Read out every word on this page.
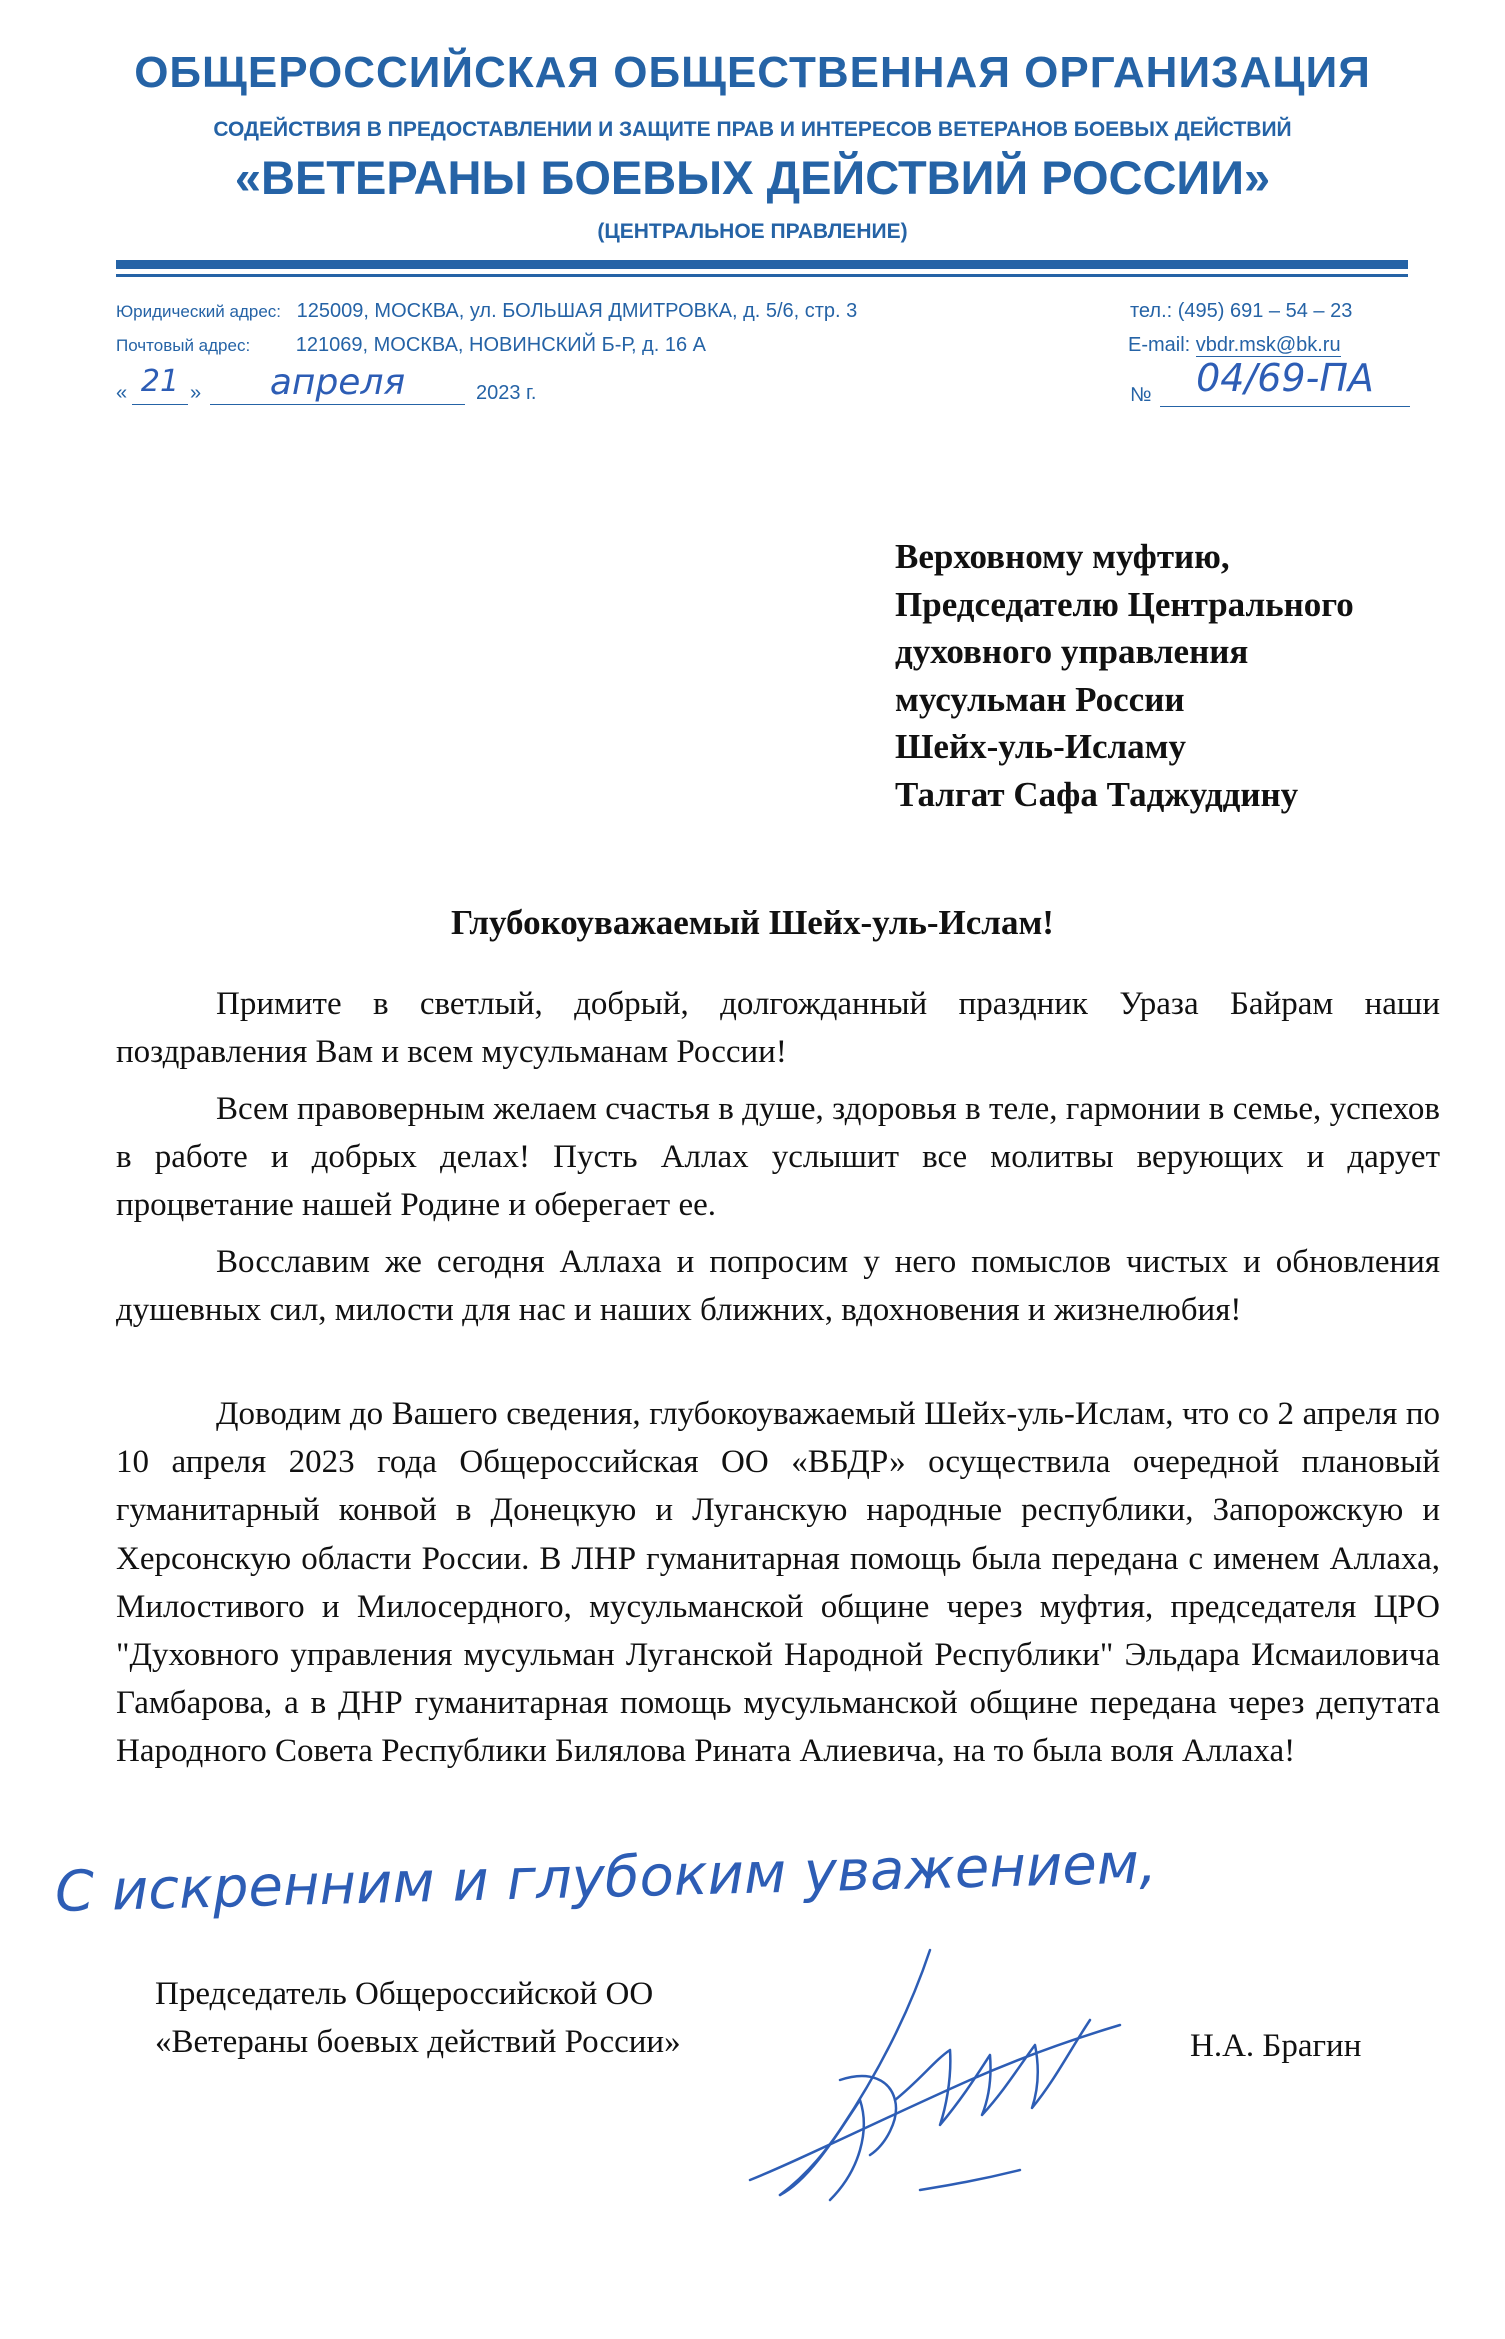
ОБЩЕРОССИЙСКАЯ ОБЩЕСТВЕННАЯ ОРГАНИЗАЦИЯ
СОДЕЙСТВИЯ В ПРЕДОСТАВЛЕНИИ И ЗАЩИТЕ ПРАВ И ИНТЕРЕСОВ ВЕТЕРАНОВ БОЕВЫХ ДЕЙСТВИЙ
«ВЕТЕРАНЫ БОЕВЫХ ДЕЙСТВИЙ РОССИИ»
(ЦЕНТРАЛЬНОЕ ПРАВЛЕНИЕ)
Юридический адрес: 125009, МОСКВА, ул. БОЛЬШАЯ ДМИТРОВКА, д. 5/6, стр. 3
Почтовый адрес: 121069, МОСКВА, НОВИНСКИЙ Б-Р, д. 16 А
тел.: (495) 691 – 54 – 23
E-mail: vbdr.msk@bk.ru
« 21 »	апреля	2023 г.	№	04/69-ПА
Верховному муфтию,
Председателю Центрального
духовного управления
мусульман России
Шейх-уль-Исламу
Талгат Сафа Таджуддину
Глубокоуважаемый Шейх-уль-Ислам!
Примите в светлый, добрый, долгожданный праздник Ураза Байрам наши поздравления Вам и всем мусульманам России!
Всем правоверным желаем счастья в душе, здоровья в теле, гармонии в семье, успехов в работе и добрых делах! Пусть Аллах услышит все молитвы верующих и дарует процветание нашей Родине и оберегает ее.
Восславим же сегодня Аллаха и попросим у него помыслов чистых и обновления душевных сил, милости для нас и наших ближних, вдохновения и жизнелюбия!
Доводим до Вашего сведения, глубокоуважаемый Шейх-уль-Ислам, что со 2 апреля по 10 апреля 2023 года Общероссийская ОО «ВБДР» осуществила очередной плановый гуманитарный конвой в Донецкую и Луганскую народные республики, Запорожскую и Херсонскую области России. В ЛНР гуманитарная помощь была передана с именем Аллаха, Милостивого и Милосердного, мусульманской общине через муфтия, председателя ЦРО "Духовного управления мусульман Луганской Народной Республики" Эльдара Исмаиловича Гамбарова, а в ДНР гуманитарная помощь мусульманской общине передана через депутата Народного Совета Республики Билялова Рината Алиевича, на то была воля Аллаха!
С искренним и глубоким уважением,
Председатель Общероссийской ОО
«Ветераны боевых действий России»	Н.А. Брагин
